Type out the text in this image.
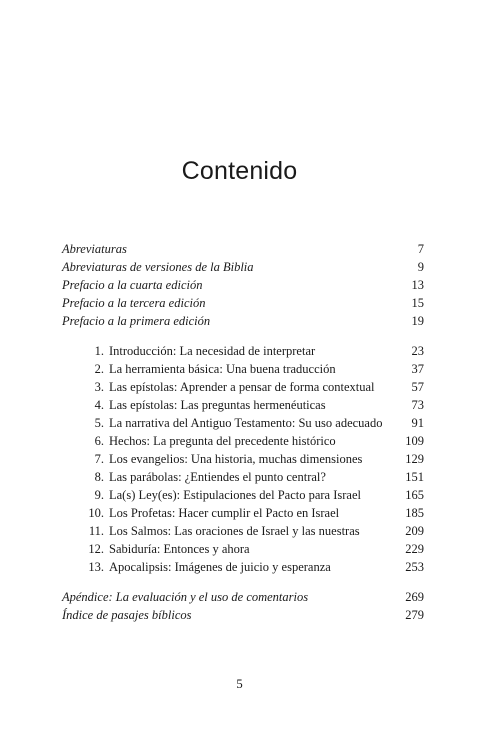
Contenido
Abreviaturas	7
Abreviaturas de versiones de la Biblia	9
Prefacio a la cuarta edición	13
Prefacio a la tercera edición	15
Prefacio a la primera edición	19
1. Introducción: La necesidad de interpretar	23
2. La herramienta básica: Una buena traducción	37
3. Las epístolas: Aprender a pensar de forma contextual	57
4. Las epístolas: Las preguntas hermenéuticas	73
5. La narrativa del Antiguo Testamento: Su uso adecuado 91
6. Hechos: La pregunta del precedente histórico	109
7. Los evangelios: Una historia, muchas dimensiones	129
8. Las parábolas: ¿Entiendes el punto central?	151
9. La(s) Ley(es): Estipulaciones del Pacto para Israel	165
10. Los Profetas: Hacer cumplir el Pacto en Israel	185
11. Los Salmos: Las oraciones de Israel y las nuestras	209
12. Sabiduría: Entonces y ahora	229
13. Apocalipsis: Imágenes de juicio y esperanza	253
Apéndice: La evaluación y el uso de comentarios	269
Índice de pasajes bíblicos	279
5
